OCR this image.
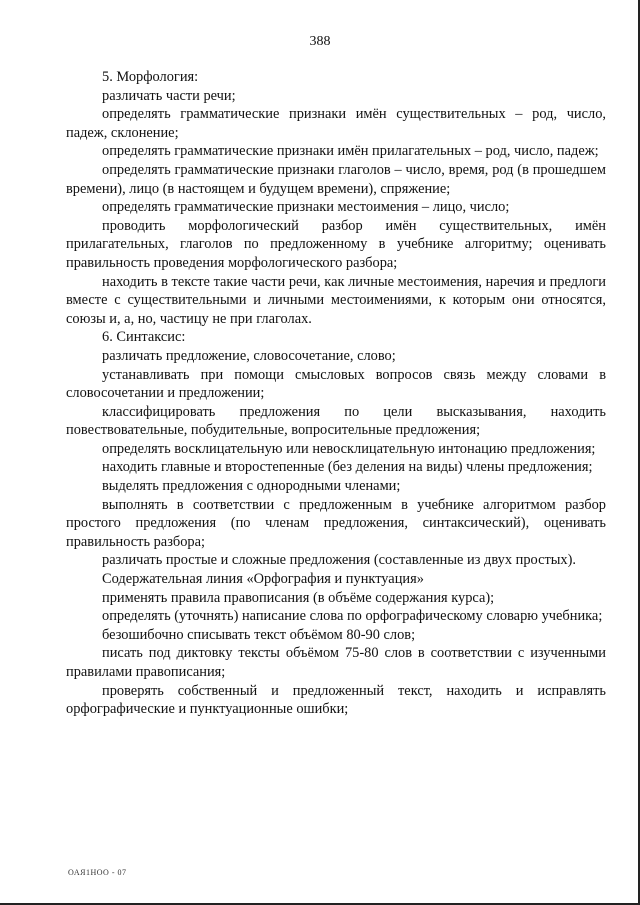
388

5. Морфология:

различать части речи;

определять грамматические признаки имён существительных – род, число, падеж, склонение;

определять грамматические признаки имён прилагательных – род, число, падеж;

определять грамматические признаки глаголов – число, время, род (в прошедшем времени), лицо (в настоящем и будущем времени), спряжение;

определять грамматические признаки местоимения – лицо, число;

проводить морфологический разбор имён существительных, имён прилагательных, глаголов по предложенному в учебнике алгоритму; оценивать правильность проведения морфологического разбора;

находить в тексте такие части речи, как личные местоимения, наречия и предлоги вместе с существительными и личными местоимениями, к которым они относятся, союзы и, а, но, частицу не при глаголах.

6. Синтаксис:

различать предложение, словосочетание, слово;

устанавливать при помощи смысловых вопросов связь между словами в словосочетании и предложении;

классифицировать предложения по цели высказывания, находить повествовательные, побудительные, вопросительные предложения;

определять восклицательную или невосклицательную интонацию предложения;

находить главные и второстепенные (без деления на виды) члены предложения;

выделять предложения с однородными членами;

выполнять в соответствии с предложенным в учебнике алгоритмом разбор простого предложения (по членам предложения, синтаксический), оценивать правильность разбора;

различать простые и сложные предложения (составленные из двух простых).

Содержательная линия «Орфография и пунктуация»

применять правила правописания (в объёме содержания курса);

определять (уточнять) написание слова по орфографическому словарю учебника;

безошибочно списывать текст объёмом 80-90 слов;

писать под диктовку тексты объёмом 75-80 слов в соответствии с изученными правилами правописания;

проверять собственный и предложенный текст, находить и исправлять орфографические и пунктуационные ошибки;

ОАЯ1НОО - 07
